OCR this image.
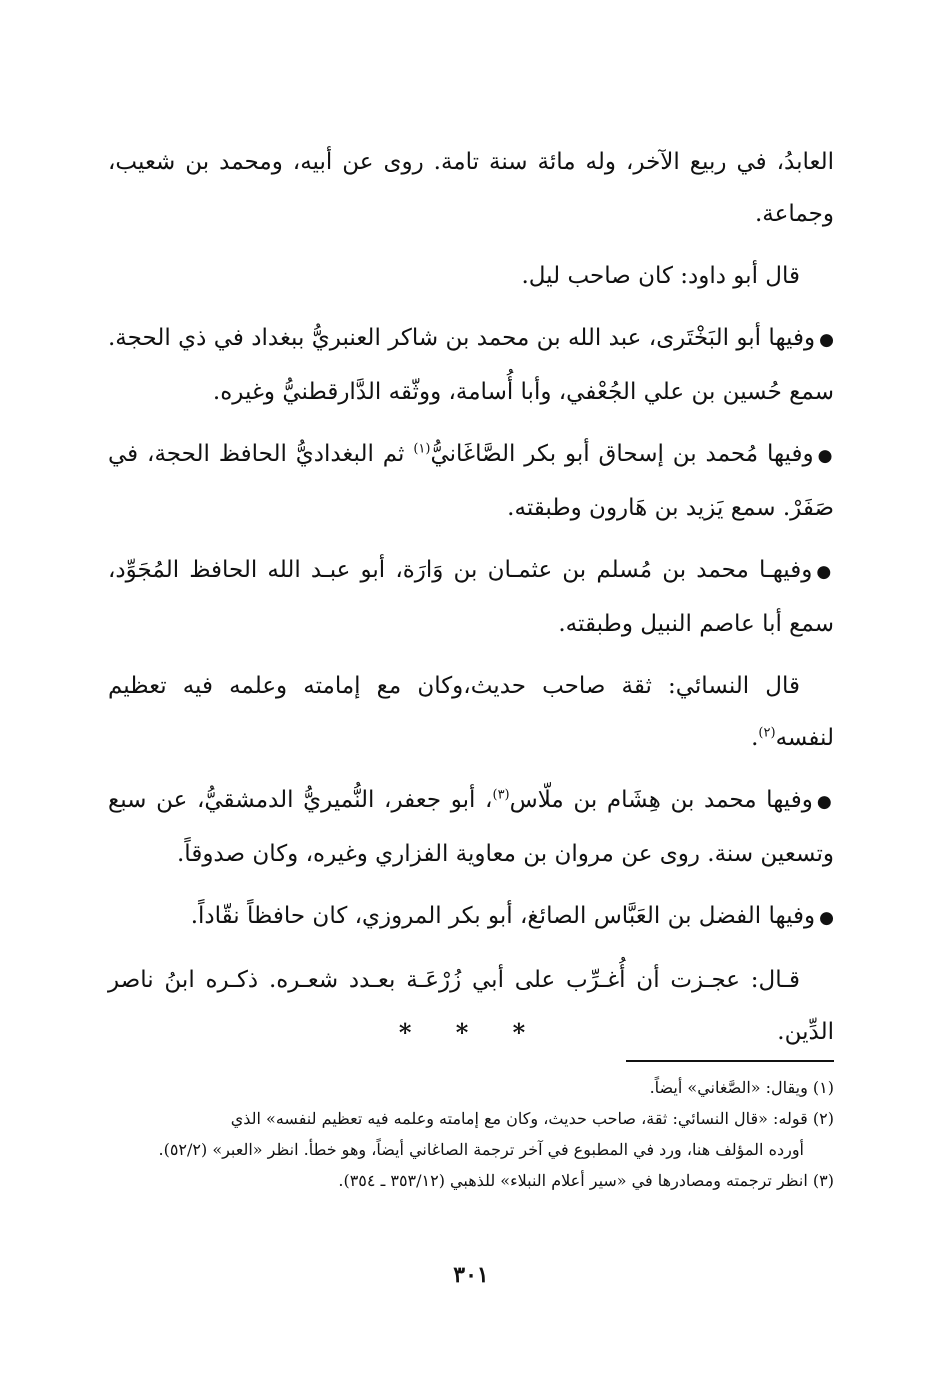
العابدُ، في ربيع الآخر، وله مائة سنة تامة. روى عن أبيه، ومحمد بن شعيب، وجماعة.

قال أبو داود: كان صاحب ليل.

●وفيها أبو البَخْتَرى، عبد الله بن محمد بن شاكر العنبريُّ ببغداد في ذي الحجة. سمع حُسين بن علي الجُعْفي، وأبا أُسامة، ووثّقه الدَّارقطنيُّ وغيره.

●وفيها مُحمد بن إسحاق أبو بكر الصَّاغَانيُّ$^{(١)}$ ثم البغداديُّ الحافظ الحجة، في صَفَرْ. سمع يَزيد بن هَارون وطبقته.

●وفيهـا محمد بن مُسلم بن عثمـان بن وَارَة، أبو عبـد الله الحافظ المُجَوِّد، سمع أبا عاصم النبيل وطبقته.

قال النسائي: ثقة صاحب حديث،وكان مع إمامته وعلمه فيه تعظيم لنفسه$^{(٢)}$.

●وفيها محمد بن هِشَام بن ملّاس$^{(٣)}$، أبو جعفر، النُّميريُّ الدمشقيُّ، عن سبع وتسعين سنة. روى عن مروان بن معاوية الفزاري وغيره، وكان صدوقاً.

●وفيها الفضل بن العَبَّاس الصائغ، أبو بكر المروزي، كان حافظاً نقّاداً.

قـال: عجـزت أن أُغـرِّب على أبي زُرْعَـة بعـدد شعـره. ذكـره ابنُ ناصر الدِّين.

* * *

(١) ويقال: «الصَّغاني» أيضاً.

(٢) قوله: «قال النسائي: ثقة، صاحب حديث، وكان مع إمامته وعلمه فيه تعظيم لنفسه» الذي

أورده المؤلف هنا، ورد في المطبوع في آخر ترجمة الصاغاني أيضاً، وهو خطأ. انظر «العبر» (٥٢/٢).

(٣) انظر ترجمته ومصادرها في «سير أعلام النبلاء» للذهبي (٣٥٣/١٢ ـ ٣٥٤).

٣٠١
